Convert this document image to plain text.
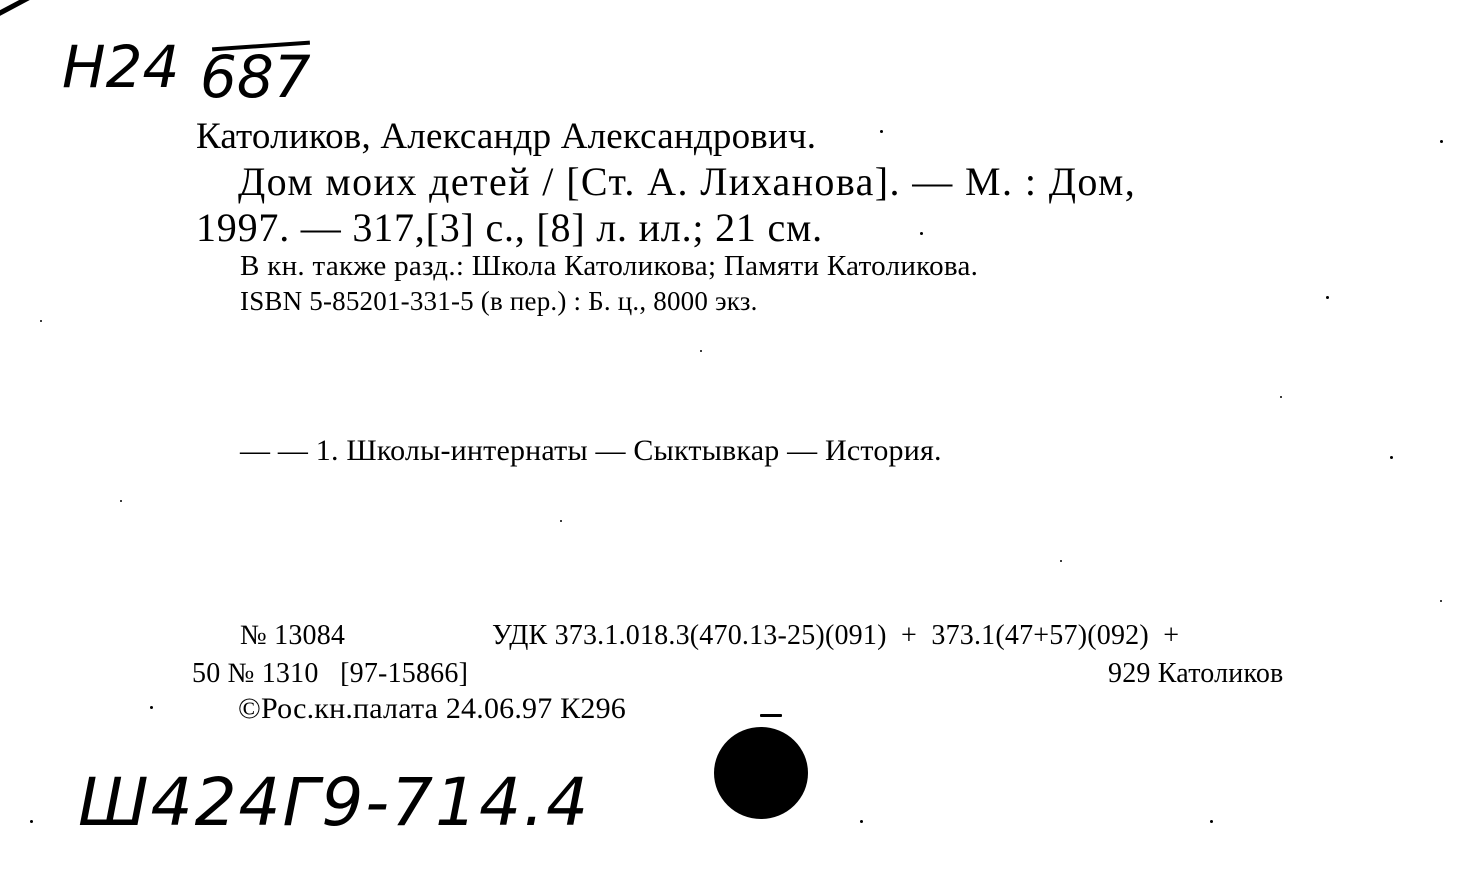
Н24 687
Католиков, Александр Александрович.
Дом моих детей / [Ст. А. Лиханова]. — М. : Дом,
1997. — 317,[3] с., [8] л. ил.; 21 см.
В кн. также разд.: Школа Католикова; Памяти Католикова.
ISBN 5-85201-331-5 (в пер.) : Б. ц., 8000 экз.
— — 1. Школы-интернаты — Сыктывкар — История.
№ 13084	УДК 373.1.018.3(470.13-25)(091)  +  373.1(47+57)(092)  +
50 № 1310   [97-15866]	929 Католиков
©Рос.кн.палата 24.06.97 К296
Ш424Г9-714.4
